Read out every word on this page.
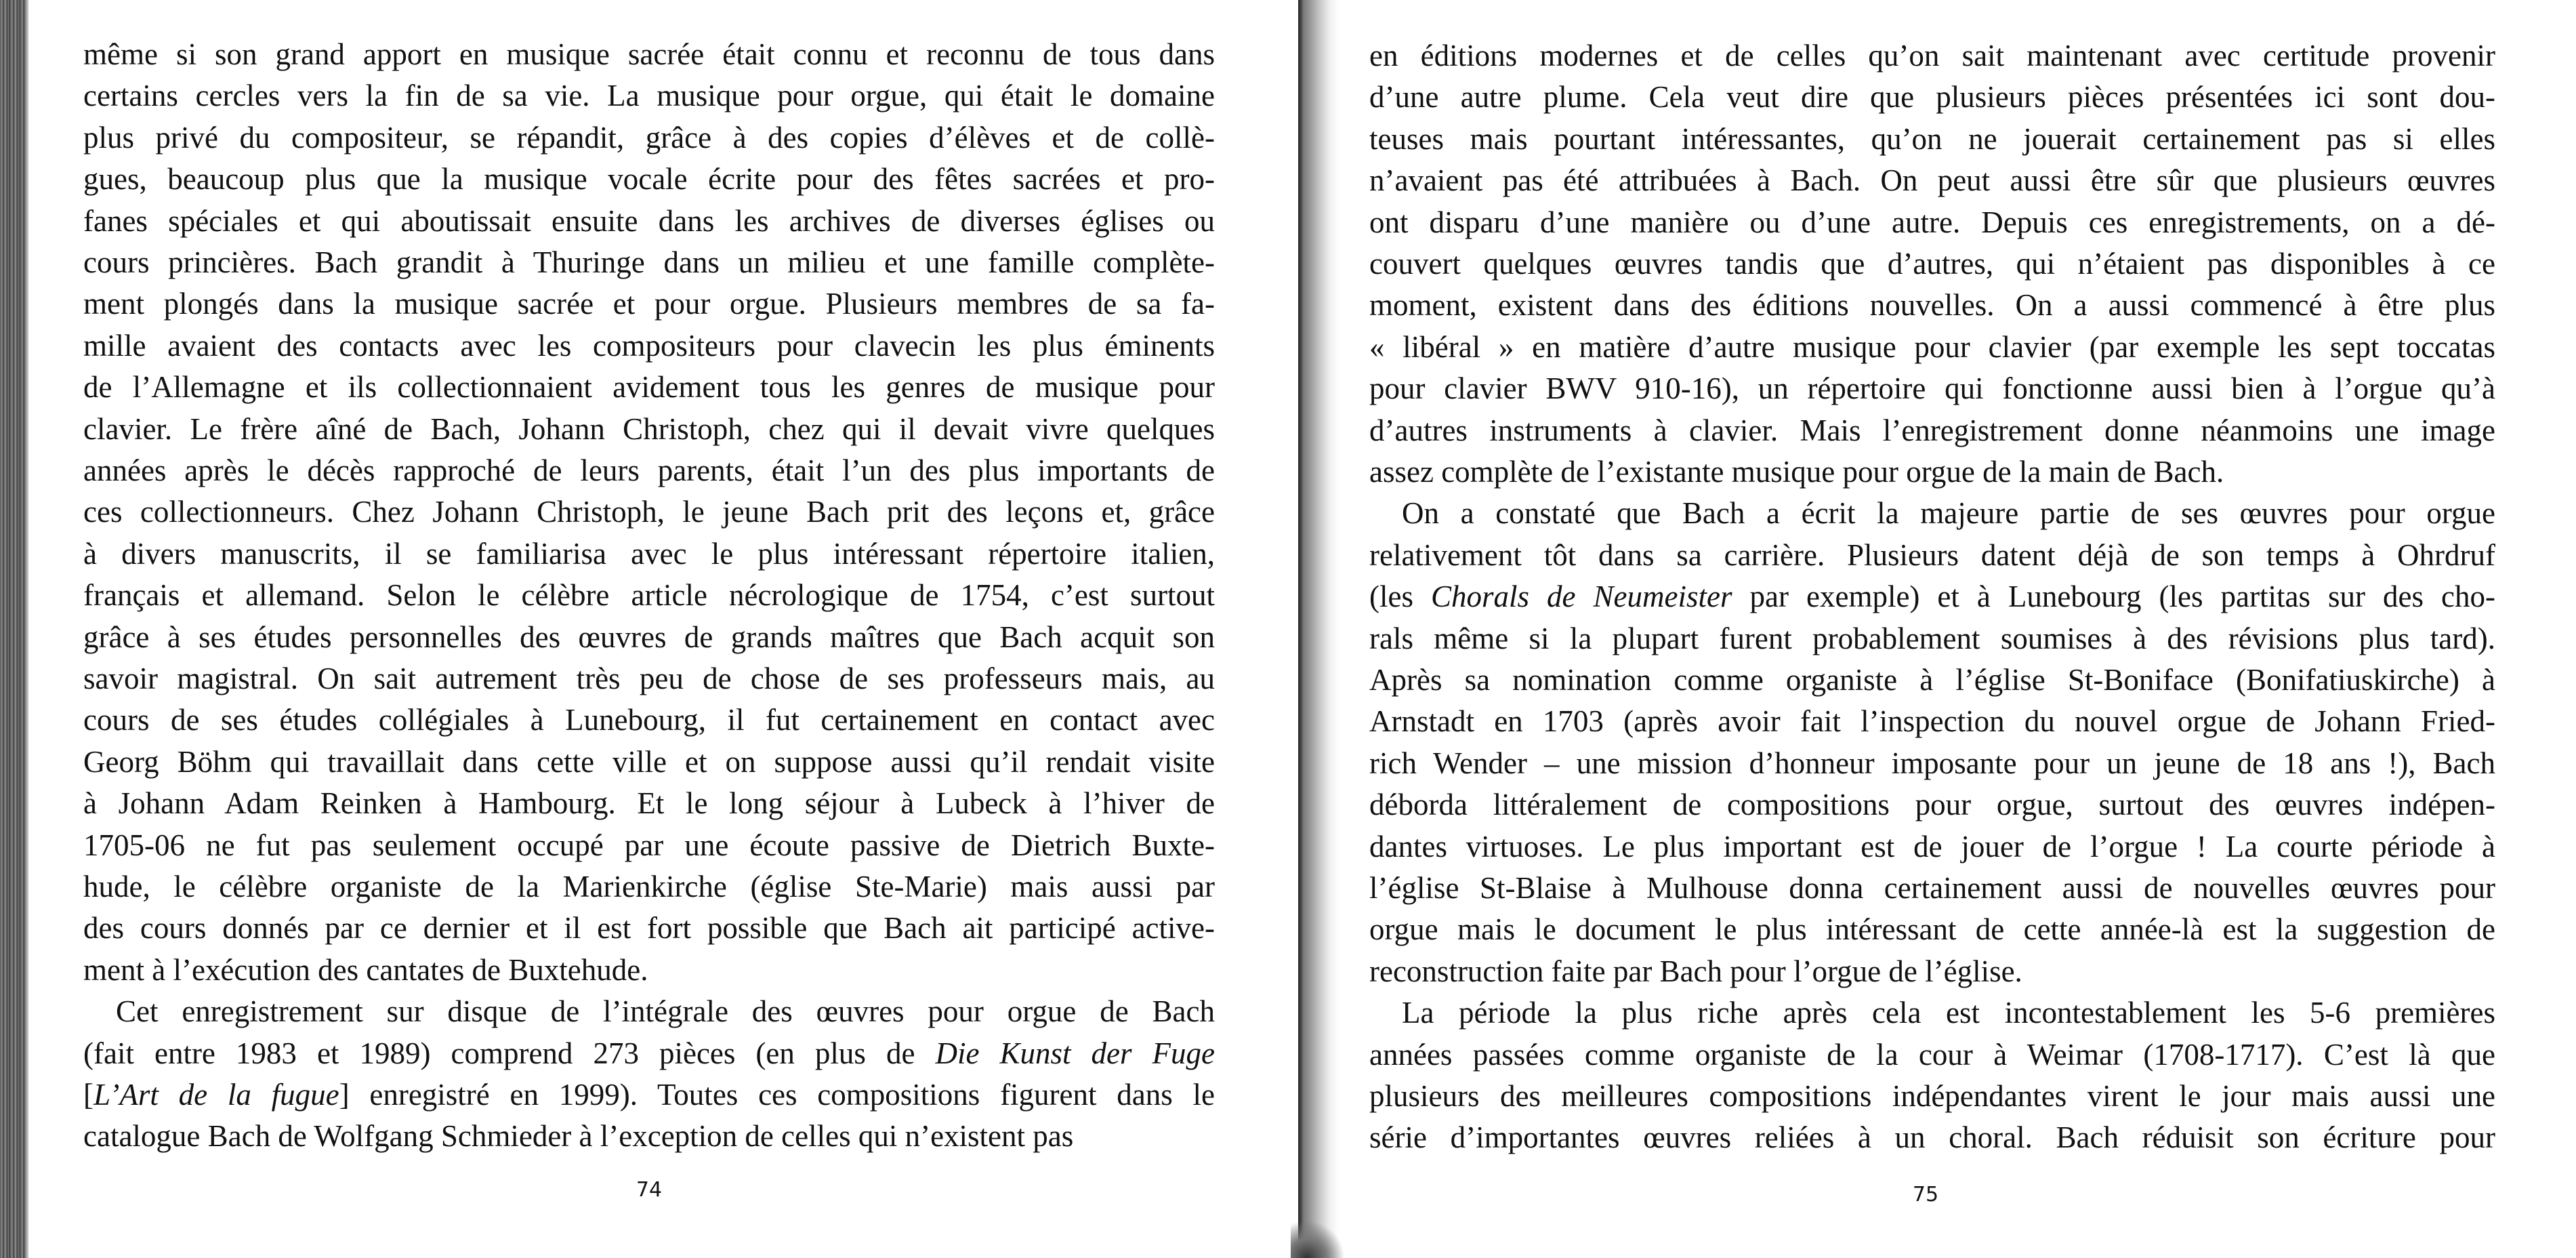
même si son grand apport en musique sacrée était connu et reconnu de tous dans
certains cercles vers la fin de sa vie. La musique pour orgue, qui était le domaine
plus privé du compositeur, se répandit, grâce à des copies d’élèves et de collè-
gues, beaucoup plus que la musique vocale écrite pour des fêtes sacrées et pro-
fanes spéciales et qui aboutissait ensuite dans les archives de diverses églises ou
cours princières. Bach grandit à Thuringe dans un milieu et une famille complète-
ment plongés dans la musique sacrée et pour orgue. Plusieurs membres de sa fa-
mille avaient des contacts avec les compositeurs pour clavecin les plus éminents
de l’Allemagne et ils collectionnaient avidement tous les genres de musique pour
clavier. Le frère aîné de Bach, Johann Christoph, chez qui il devait vivre quelques
années après le décès rapproché de leurs parents, était l’un des plus importants de
ces collectionneurs. Chez Johann Christoph, le jeune Bach prit des leçons et, grâce
à divers manuscrits, il se familiarisa avec le plus intéressant répertoire italien,
français et allemand. Selon le célèbre article nécrologique de 1754, c’est surtout
grâce à ses études personnelles des œuvres de grands maîtres que Bach acquit son
savoir magistral. On sait autrement très peu de chose de ses professeurs mais, au
cours de ses études collégiales à Lunebourg, il fut certainement en contact avec
Georg Böhm qui travaillait dans cette ville et on suppose aussi qu’il rendait visite
à Johann Adam Reinken à Hambourg. Et le long séjour à Lubeck à l’hiver de
1705-06 ne fut pas seulement occupé par une écoute passive de Dietrich Buxte-
hude, le célèbre organiste de la Marienkirche (église Ste-Marie) mais aussi par
des cours donnés par ce dernier et il est fort possible que Bach ait participé active-
ment à l’exécution des cantates de Buxtehude.
Cet enregistrement sur disque de l’intégrale des œuvres pour orgue de Bach
(fait entre 1983 et 1989) comprend 273 pièces (en plus de Die Kunst der Fuge
[L’Art de la fugue] enregistré en 1999). Toutes ces compositions figurent dans le
catalogue Bach de Wolfgang Schmieder à l’exception de celles qui n’existent pas
74
en éditions modernes et de celles qu’on sait maintenant avec certitude provenir
d’une autre plume. Cela veut dire que plusieurs pièces présentées ici sont dou-
teuses mais pourtant intéressantes, qu’on ne jouerait certainement pas si elles
n’avaient pas été attribuées à Bach. On peut aussi être sûr que plusieurs œuvres
ont disparu d’une manière ou d’une autre. Depuis ces enregistrements, on a dé-
couvert quelques œuvres tandis que d’autres, qui n’étaient pas disponibles à ce
moment, existent dans des éditions nouvelles. On a aussi commencé à être plus
« libéral » en matière d’autre musique pour clavier (par exemple les sept toccatas
pour clavier BWV 910-16), un répertoire qui fonctionne aussi bien à l’orgue qu’à
d’autres instruments à clavier. Mais l’enregistrement donne néanmoins une image
assez complète de l’existante musique pour orgue de la main de Bach.
On a constaté que Bach a écrit la majeure partie de ses œuvres pour orgue
relativement tôt dans sa carrière. Plusieurs datent déjà de son temps à Ohrdruf
(les Chorals de Neumeister par exemple) et à Lunebourg (les partitas sur des cho-
rals même si la plupart furent probablement soumises à des révisions plus tard).
Après sa nomination comme organiste à l’église St-Boniface (Bonifatiuskirche) à
Arnstadt en 1703 (après avoir fait l’inspection du nouvel orgue de Johann Fried-
rich Wender – une mission d’honneur imposante pour un jeune de 18 ans !), Bach
déborda littéralement de compositions pour orgue, surtout des œuvres indépen-
dantes virtuoses. Le plus important est de jouer de l’orgue ! La courte période à
l’église St-Blaise à Mulhouse donna certainement aussi de nouvelles œuvres pour
orgue mais le document le plus intéressant de cette année-là est la suggestion de
reconstruction faite par Bach pour l’orgue de l’église.
La période la plus riche après cela est incontestablement les 5-6 premières
années passées comme organiste de la cour à Weimar (1708-1717). C’est là que
plusieurs des meilleures compositions indépendantes virent le jour mais aussi une
série d’importantes œuvres reliées à un choral. Bach réduisit son écriture pour
75
